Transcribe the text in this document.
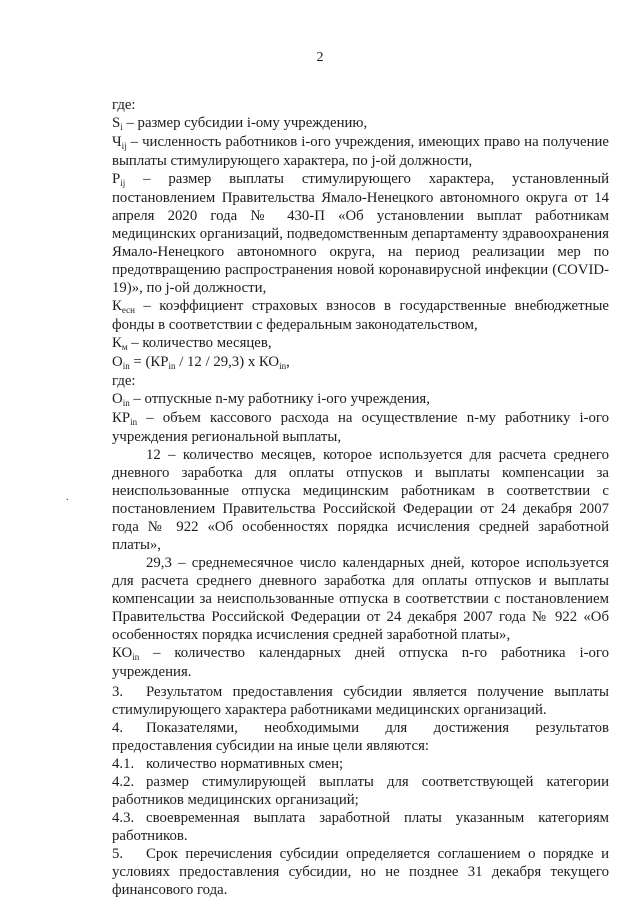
2
.

где:

$S_i$ – размер субсидии i-ому учреждению,

$Ч_{ij}$ – численность работников i-ого учреждения, имеющих право на получение выплаты стимулирующего характера, по j-ой должности,

$P_{ij}$ – размер выплаты стимулирующего характера, установленный постановлением Правительства Ямало-Ненецкого автономного округа от 14 апреля 2020 года № 430-П «Об установлении выплат работникам медицинских организаций, подведомственным департаменту здравоохранения Ямало-Ненецкого автономного округа, на период реализации мер по предотвращению распространения новой коронавирусной инфекции (COVID-19)», по j-ой должности,

$К_{есн}$ – коэффициент страховых взносов в государственные внебюджетные фонды в соответствии с федеральным законодательством,

$К_м$ – количество месяцев,

$O_{in} = (КР_{in} / 12 / 29,3)$ х $КО_{in}$,

где:

$О_{in}$ – отпускные n-му работнику i-ого учреждения,

$КР_{in}$ – объем кассового расхода на осуществление n-му работнику i-ого учреждения региональной выплаты,

12 – количество месяцев, которое используется для расчета среднего дневного заработка для оплаты отпусков и выплаты компенсации за неиспользованные отпуска медицинским работникам в соответствии с постановлением Правительства Российской Федерации от 24 декабря 2007 года № 922 «Об особенностях порядка исчисления средней заработной платы»,

29,3 – среднемесячное число календарных дней, которое используется для расчета среднего дневного заработка для оплаты отпусков и выплаты компенсации за неиспользованные отпуска в соответствии с постановлением Правительства Российской Федерации от 24 декабря 2007 года № 922 «Об особенностях порядка исчисления средней заработной платы»,

$КО_{in}$ – количество календарных дней отпуска n-го работника i-ого учреждения.

3. Результатом предоставления субсидии является получение выплаты стимулирующего характера работниками медицинских организаций.

4. Показателями, необходимыми для достижения результатов предоставления субсидии на иные цели являются:

4.1. количество нормативных смен;

4.2. размер стимулирующей выплаты для соответствующей категории работников медицинских организаций;

4.3. своевременная выплата заработной платы указанным категориям работников.

5. Срок перечисления субсидии определяется соглашением о порядке и условиях предоставления субсидии, но не позднее 31 декабря текущего финансового года.
